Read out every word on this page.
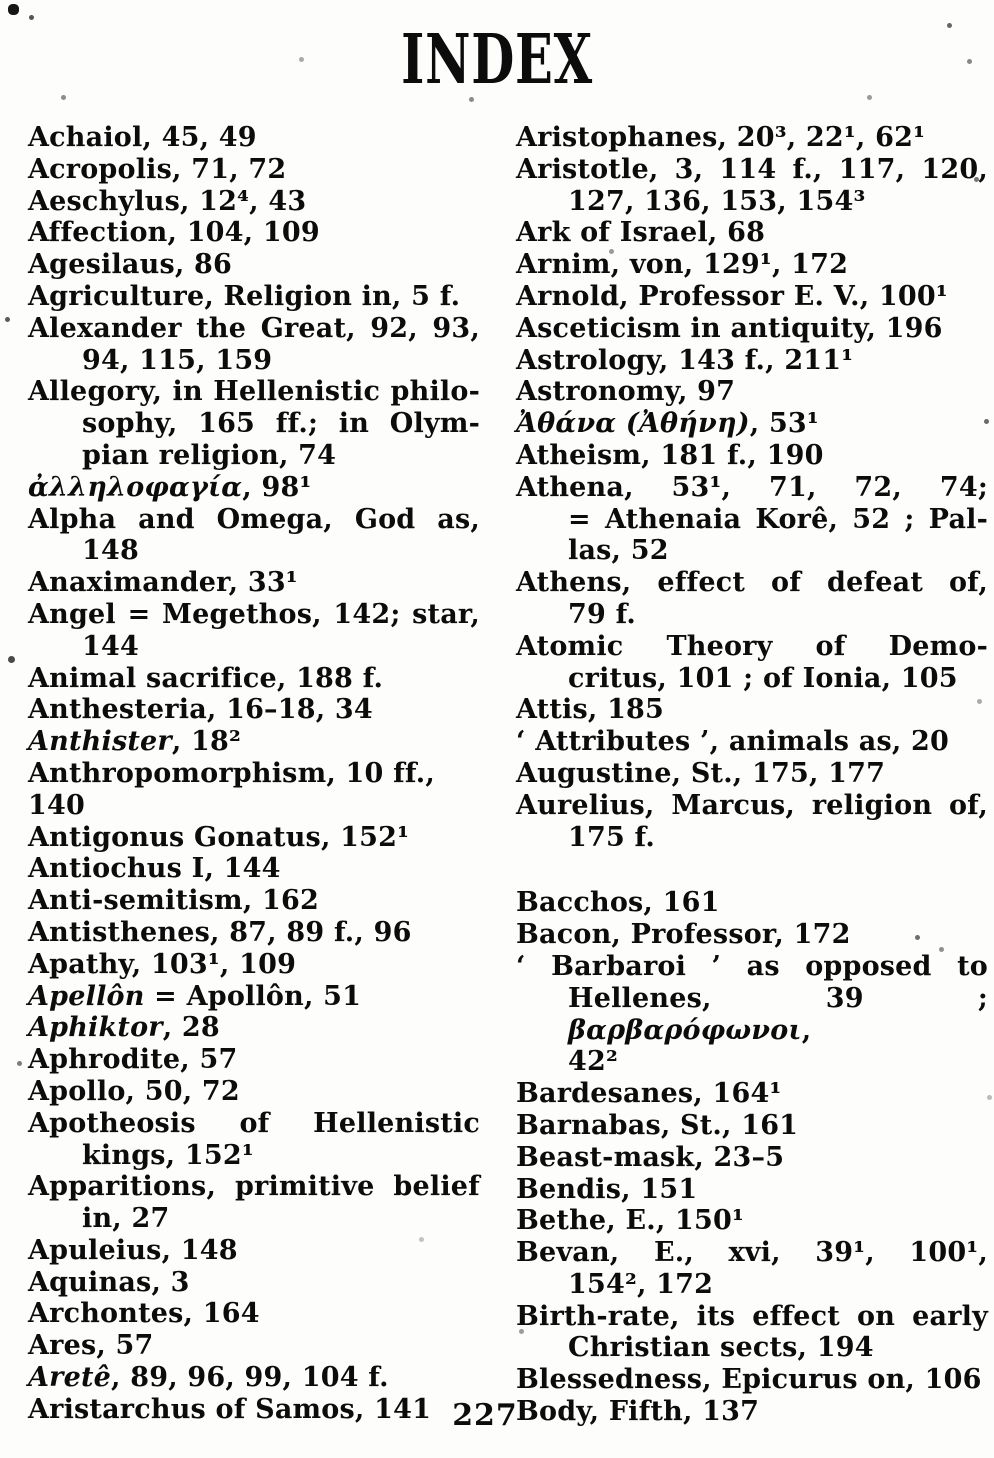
INDEX
Achaiol, 45, 49
Acropolis, 71, 72
Aeschylus, 12⁴, 43
Affection, 104, 109
Agesilaus, 86
Agriculture, Religion in, 5 f.
Alexander the Great, 92, 93,
94, 115, 159
Allegory, in Hellenistic philo-
sophy, 165 ff.; in Olym-
pian religion, 74
ἀλληλοφαγία, 98¹
Alpha and Omega, God as,
148
Anaximander, 33¹
Angel = Megethos, 142; star,
144
Animal sacrifice, 188 f.
Anthesteria, 16–18, 34
Anthister, 18²
Anthropomorphism, 10 ff., 140
Antigonus Gonatus, 152¹
Antiochus I, 144
Anti-semitism, 162
Antisthenes, 87, 89 f., 96
Apathy, 103¹, 109
Apellôn = Apollôn, 51
Aphiktor, 28
Aphrodite, 57
Apollo, 50, 72
Apotheosis of Hellenistic
kings, 152¹
Apparitions, primitive belief
in, 27
Apuleius, 148
Aquinas, 3
Archontes, 164
Ares, 57
Aretê, 89, 96, 99, 104 f.
Aristarchus of Samos, 141
Aristophanes, 20³, 22¹, 62¹
Aristotle, 3, 114 f., 117, 120,
127, 136, 153, 154³
Ark of Israel, 68
Arnim, von, 129¹, 172
Arnold, Professor E. V., 100¹
Asceticism in antiquity, 196
Astrology, 143 f., 211¹
Astronomy, 97
Ἀθάνα (Ἀθήνη), 53¹
Atheism, 181 f., 190
Athena, 53¹, 71, 72, 74;
= Athenaia Korê, 52 ; Pal-
las, 52
Athens, effect of defeat of,
79 f.
Atomic Theory of Demo-
critus, 101 ; of Ionia, 105
Attis, 185
‘ Attributes ’, animals as, 20
Augustine, St., 175, 177
Aurelius, Marcus, religion of,
175 f.
Bacchos, 161
Bacon, Professor, 172
‘ Barbaroi ’ as opposed to
Hellenes, 39 ; βαρβαρόφωνοι,
42²
Bardesanes, 164¹
Barnabas, St., 161
Beast-mask, 23–5
Bendis, 151
Bethe, E., 150¹
Bevan, E., xvi, 39¹, 100¹,
154², 172
Birth-rate, its effect on early
Christian sects, 194
Blessedness, Epicurus on, 106
Body, Fifth, 137
227
